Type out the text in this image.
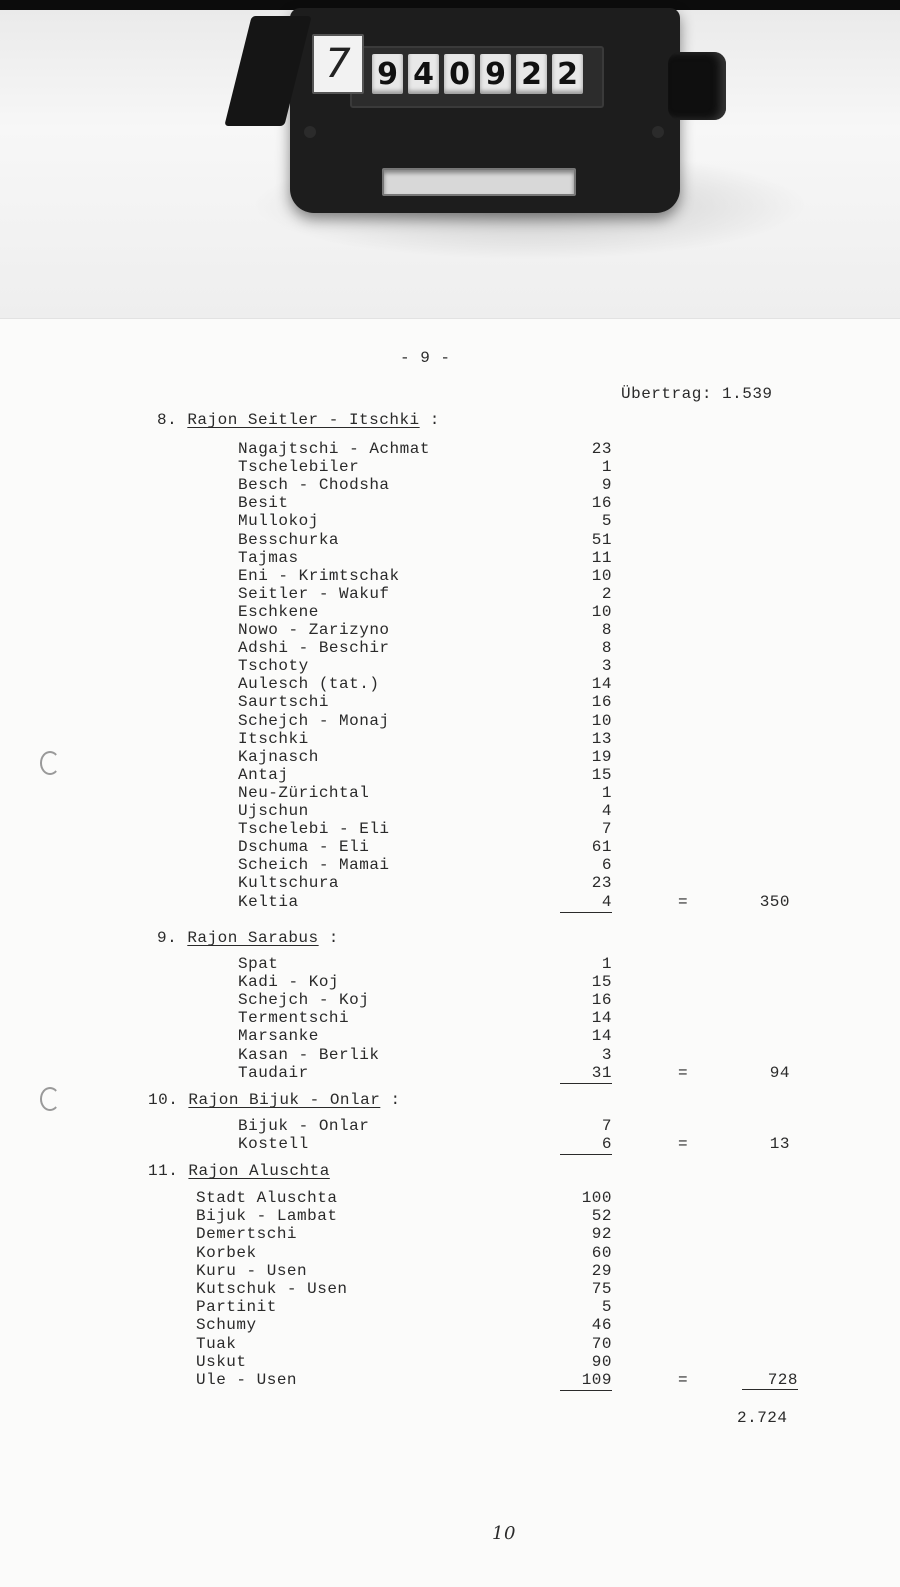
7 9 4 0 9 2 2
- 9 -
Übertrag: 1.539
8. Rajon Seitler - Itschki :
Nagajtschi - Achmat	23
Tschelebiler	1
Besch - Chodsha	9
Besit	16
Mullokoj	5
Besschurka	51
Tajmas	11
Eni - Krimtschak	10
Seitler - Wakuf	2
Eschkene	10
Nowo - Zarizyno	8
Adshi - Beschir	8
Tschoty	3
Aulesch (tat.)	14
Saurtschi	16
Schejch - Monaj	10
Itschki	13
Kajnasch	19
Antaj	15
Neu-Zürichtal	1
Ujschun	4
Tschelebi - Eli	7
Dschuma - Eli	61
Scheich - Mamai	6
Kultschura	23
Keltia	4	=	350
9. Rajon Sarabus :
Spat	1
Kadi - Koj	15
Schejch - Koj	16
Termentschi	14
Marsanke	14
Kasan - Berlik	3
Taudair	31	=	94
10. Rajon Bijuk - Onlar :
Bijuk - Onlar	7
Kostell	6	=	13
11. Rajon Aluschta
Stadt Aluschta	100
Bijuk - Lambat	52
Demertschi	92
Korbek	60
Kuru - Usen	29
Kutschuk - Usen	75
Partinit	5
Schumy	46
Tuak	70
Uskut	90
Ule - Usen	109	=	728
2.724
10
